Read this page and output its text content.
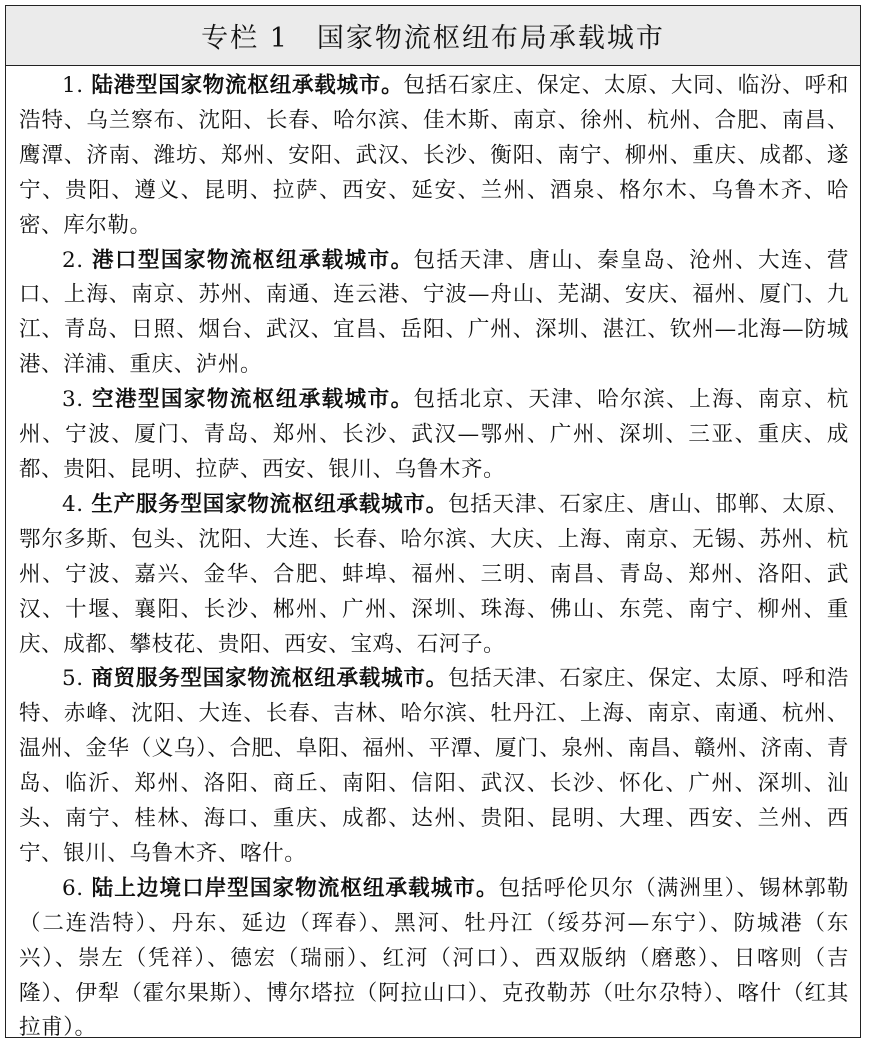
专栏 1 国家物流枢纽布局承载城市

1. 陆港型国家物流枢纽承载城市。包括石家庄、保定、太原、大同、临汾、呼和浩特、乌兰察布、沈阳、长春、哈尔滨、佳木斯、南京、徐州、杭州、合肥、南昌、鹰潭、济南、潍坊、郑州、安阳、武汉、长沙、衡阳、南宁、柳州、重庆、成都、遂宁、贵阳、遵义、昆明、拉萨、西安、延安、兰州、酒泉、格尔木、乌鲁木齐、哈密、库尔勒。

2. 港口型国家物流枢纽承载城市。包括天津、唐山、秦皇岛、沧州、大连、营口、上海、南京、苏州、南通、连云港、宁波—舟山、芜湖、安庆、福州、厦门、九江、青岛、日照、烟台、武汉、宜昌、岳阳、广州、深圳、湛江、钦州—北海—防城港、洋浦、重庆、泸州。

3. 空港型国家物流枢纽承载城市。包括北京、天津、哈尔滨、上海、南京、杭州、宁波、厦门、青岛、郑州、长沙、武汉—鄂州、广州、深圳、三亚、重庆、成都、贵阳、昆明、拉萨、西安、银川、乌鲁木齐。

4. 生产服务型国家物流枢纽承载城市。包括天津、石家庄、唐山、邯郸、太原、鄂尔多斯、包头、沈阳、大连、长春、哈尔滨、大庆、上海、南京、无锡、苏州、杭州、宁波、嘉兴、金华、合肥、蚌埠、福州、三明、南昌、青岛、郑州、洛阳、武汉、十堰、襄阳、长沙、郴州、广州、深圳、珠海、佛山、东莞、南宁、柳州、重庆、成都、攀枝花、贵阳、西安、宝鸡、石河子。

5. 商贸服务型国家物流枢纽承载城市。包括天津、石家庄、保定、太原、呼和浩特、赤峰、沈阳、大连、长春、吉林、哈尔滨、牡丹江、上海、南京、南通、杭州、温州、金华（义乌）、合肥、阜阳、福州、平潭、厦门、泉州、南昌、赣州、济南、青岛、临沂、郑州、洛阳、商丘、南阳、信阳、武汉、长沙、怀化、广州、深圳、汕头、南宁、桂林、海口、重庆、成都、达州、贵阳、昆明、大理、西安、兰州、西宁、银川、乌鲁木齐、喀什。

6. 陆上边境口岸型国家物流枢纽承载城市。包括呼伦贝尔（满洲里）、锡林郭勒（二连浩特）、丹东、延边（珲春）、黑河、牡丹江（绥芬河—东宁）、防城港（东兴）、崇左（凭祥）、德宏（瑞丽）、红河（河口）、西双版纳（磨憨）、日喀则（吉隆）、伊犁（霍尔果斯）、博尔塔拉（阿拉山口）、克孜勒苏（吐尔尕特）、喀什（红其拉甫）。
